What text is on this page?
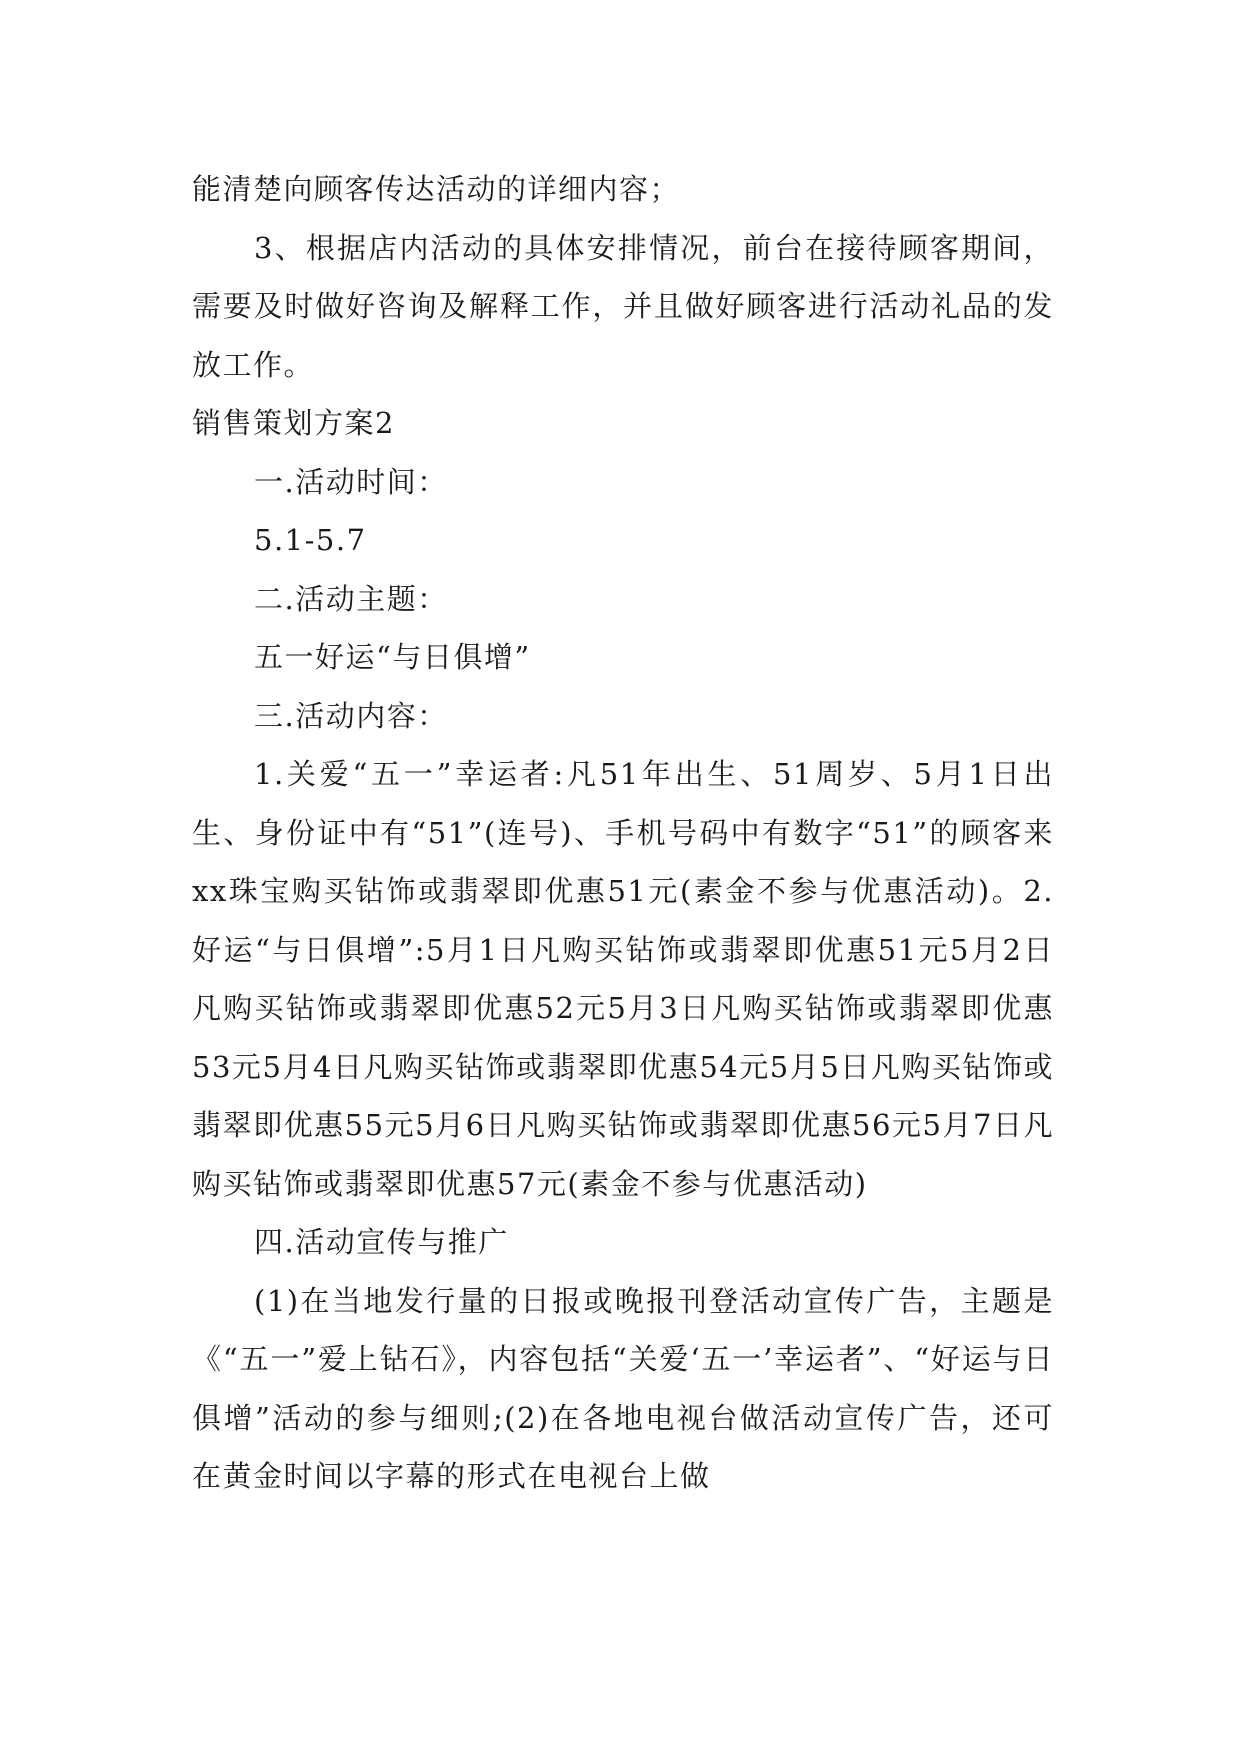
能清楚向顾客传达活动的详细内容；

3、根据店内活动的具体安排情况，前台在接待顾客期间，需要及时做好咨询及解释工作，并且做好顾客进行活动礼品的发放工作。

销售策划方案2

一.活动时间：

5.1-5.7

二.活动主题：

五一好运“与日俱增”

三.活动内容：

1.关爱“五一”幸运者:凡51年出生、51周岁、5月1日出生、身份证中有“51”(连号)、手机号码中有数字“51”的顾客来xx珠宝购买钻饰或翡翠即优惠51元(素金不参与优惠活动)。2.好运“与日俱增”:5月1日凡购买钻饰或翡翠即优惠51元5月2日凡购买钻饰或翡翠即优惠52元5月3日凡购买钻饰或翡翠即优惠53元5月4日凡购买钻饰或翡翠即优惠54元5月5日凡购买钻饰或翡翠即优惠55元5月6日凡购买钻饰或翡翠即优惠56元5月7日凡购买钻饰或翡翠即优惠57元(素金不参与优惠活动)

四.活动宣传与推广

(1)在当地发行量的日报或晚报刊登活动宣传广告，主题是《“五一”爱上钻石》，内容包括“关爱‘五一’幸运者”、“好运与日俱增”活动的参与细则;(2)在各地电视台做活动宣传广告，还可在黄金时间以字幕的形式在电视台上做
